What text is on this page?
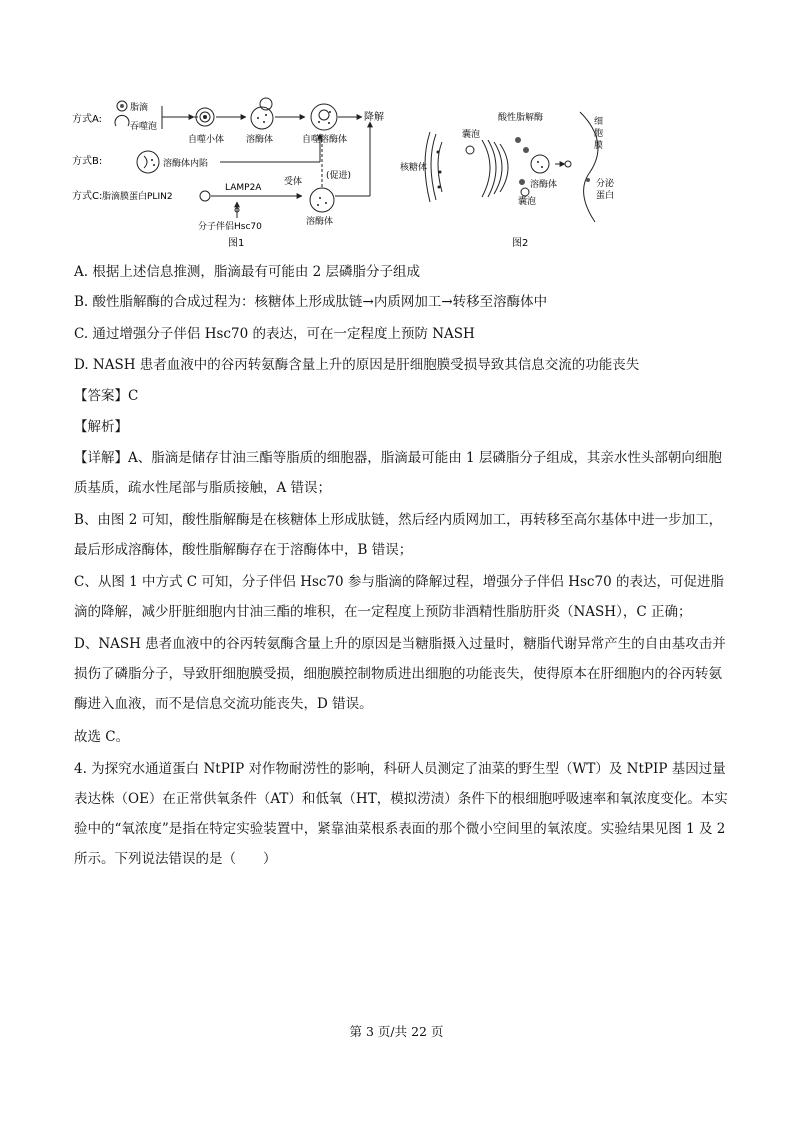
方式A:
方式B:
方式C:
脂滴
吞噬泡
自噬小体 溶酶体	自噬溶酶体
降解
溶酶体内陷
(促进)
脂滴膜蛋白PLIN2
LAMP2A
受体
溶酶体
分子伴侣Hsc70
图1
核糖体
囊泡
酸性脂解酶
溶酶体
囊泡
细
胞
膜
分泌
蛋白
图2
A. 根据上述信息推测，脂滴最有可能由 2 层磷脂分子组成
B. 酸性脂解酶的合成过程为：核糖体上形成肽链→内质网加工→转移至溶酶体中
C. 通过增强分子伴侣 Hsc70 的表达，可在一定程度上预防 NASH
D. NASH 患者血液中的谷丙转氨酶含量上升的原因是肝细胞膜受损导致其信息交流的功能丧失
【答案】C
【解析】
【详解】A、脂滴是储存甘油三酯等脂质的细胞器，脂滴最可能由 1 层磷脂分子组成，其亲水性头部朝向细胞质基质，疏水性尾部与脂质接触，A 错误；
B、由图 2 可知，酸性脂解酶是在核糖体上形成肽链，然后经内质网加工，再转移至高尔基体中进一步加工，最后形成溶酶体，酸性脂解酶存在于溶酶体中，B 错误；
C、从图 1 中方式 C 可知，分子伴侣 Hsc70 参与脂滴的降解过程，增强分子伴侣 Hsc70 的表达，可促进脂滴的降解，减少肝脏细胞内甘油三酯的堆积，在一定程度上预防非酒精性脂肪肝炎（NASH），C 正确；
D、NASH 患者血液中的谷丙转氨酶含量上升的原因是当糖脂摄入过量时，糖脂代谢异常产生的自由基攻击并损伤了磷脂分子，导致肝细胞膜受损，细胞膜控制物质进出细胞的功能丧失，使得原本在肝细胞内的谷丙转氨酶进入血液，而不是信息交流功能丧失，D 错误。
故选 C。
4. 为探究水通道蛋白 NtPIP 对作物耐涝性的影响，科研人员测定了油菜的野生型（WT）及 NtPIP 基因过量表达株（OE）在正常供氧条件（AT）和低氧（HT，模拟涝渍）条件下的根细胞呼吸速率和氧浓度变化。本实验中的“氧浓度”是指在特定实验装置中，紧靠油菜根系表面的那个微小空间里的氧浓度。实验结果见图 1 及 2 所示。下列说法错误的是（　　）
第 3 页/共 22 页
